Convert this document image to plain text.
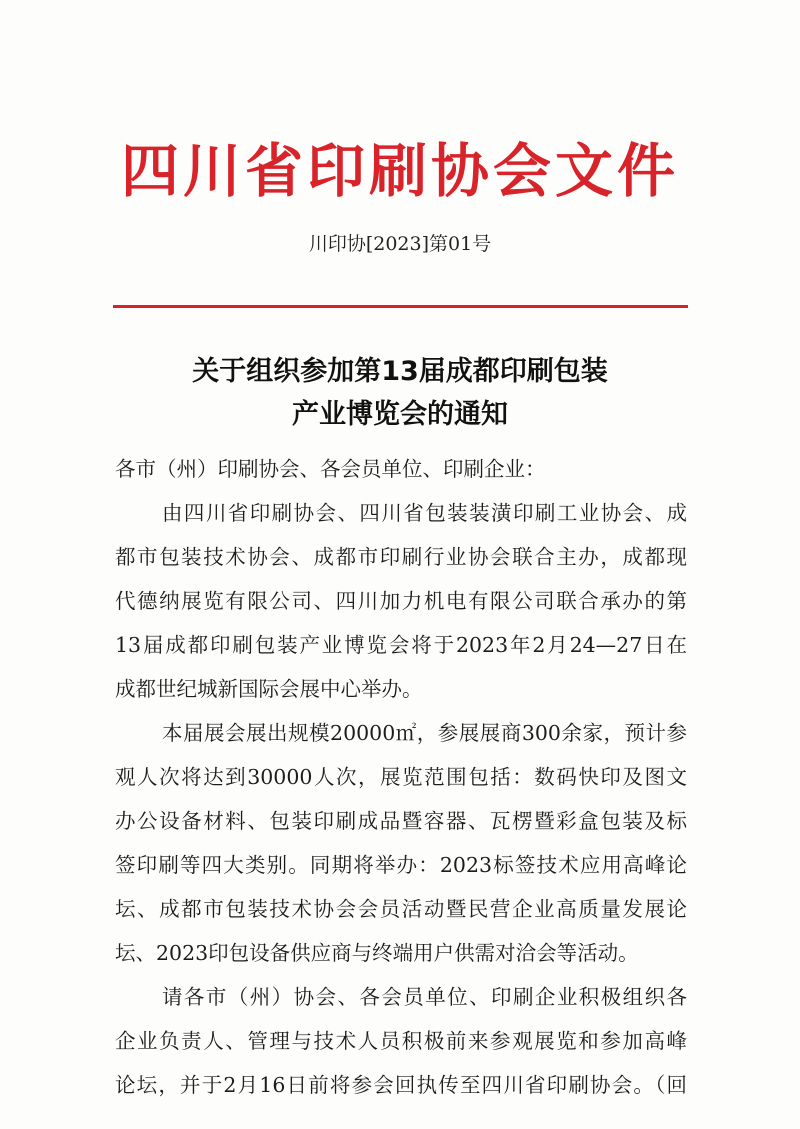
四川省印刷协会文件
川印协[2023]第01号
关于组织参加第13届成都印刷包装
产业博览会的通知
各市（州）印刷协会、各会员单位、印刷企业：
由四川省印刷协会、四川省包装装潢印刷工业协会、成
都市包装技术协会、成都市印刷行业协会联合主办，成都现
代德纳展览有限公司、四川加力机电有限公司联合承办的第
13届成都印刷包装产业博览会将于2023年2月24—27日在
成都世纪城新国际会展中心举办。
本届展会展出规模20000㎡，参展展商300余家，预计参
观人次将达到30000人次，展览范围包括：数码快印及图文
办公设备材料、包装印刷成品暨容器、瓦楞暨彩盒包装及标
签印刷等四大类别。同期将举办：2023标签技术应用高峰论
坛、成都市包装技术协会会员活动暨民营企业高质量发展论
坛、2023印包设备供应商与终端用户供需对洽会等活动。
请各市（州）协会、各会员单位、印刷企业积极组织各
企业负责人、管理与技术人员积极前来参观展览和参加高峰
论坛，并于2月16日前将参会回执传至四川省印刷协会。（回
